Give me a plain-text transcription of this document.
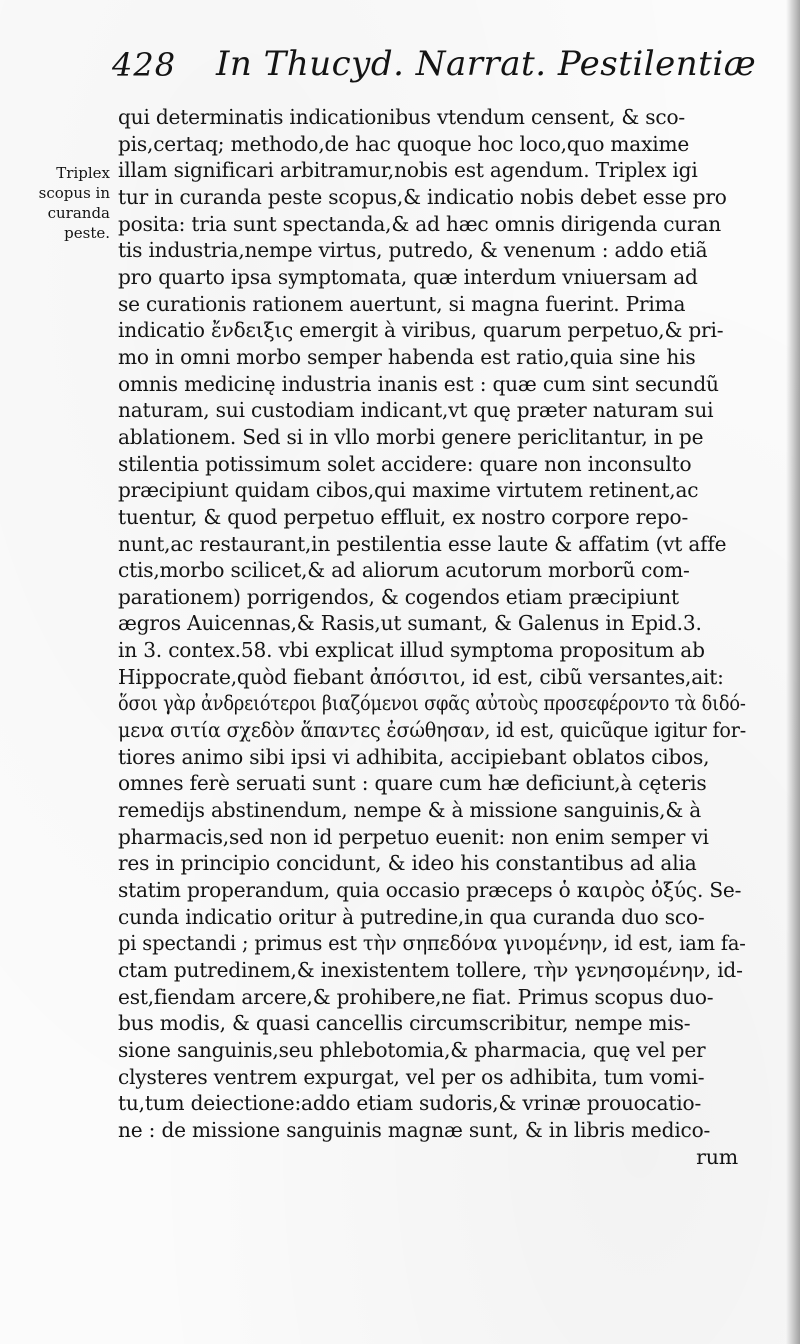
428 In Thucyd. Narrat. Pestilentiæ
Triplex
scopus in
curanda
peste.
qui determinatis indicationibus vtendum censent, & sco-
pis,certaq; methodo,de hac quoque hoc loco,quo maxime
illam significari arbitramur,nobis est agendum. Triplex igi
tur in curanda peste scopus,& indicatio nobis debet esse pro
posita: tria sunt spectanda,& ad hæc omnis dirigenda curan
tis industria,nempe virtus, putredo, & venenum : addo etiã
pro quarto ipsa symptomata, quæ interdum vniuersam ad
se curationis rationem auertunt, si magna fuerint. Prima
indicatio ἔνδειξις emergit à viribus, quarum perpetuo,& pri-
mo in omni morbo semper habenda est ratio,quia sine his
omnis medicinę industria inanis est : quæ cum sint secundũ
naturam, sui custodiam indicant,vt quę præter naturam sui
ablationem. Sed si in vllo morbi genere periclitantur, in pe
stilentia potissimum solet accidere: quare non inconsulto
præcipiunt quidam cibos,qui maxime virtutem retinent,ac
tuentur, & quod perpetuo effluit, ex nostro corpore repo-
nunt,ac restaurant,in pestilentia esse laute & affatim (vt affe
ctis,morbo scilicet,& ad aliorum acutorum morborũ com-
parationem) porrigendos, & cogendos etiam præcipiunt
ægros Auicennas,& Rasis,ut sumant, & Galenus in Epid.3.
in 3. contex.58. vbi explicat illud symptoma propositum ab
Hippocrate,quòd fiebant ἀπόσιτοι, id est, cibũ versantes,ait:
ὅσοι γὰρ ἀνδρειότεροι βιαζόμενοι σφᾶς αὐτοὺς προσεφέροντο τὰ διδό-
μενα σιτία σχεδὸν ἅπαντες ἐσώθησαν, id est, quicũque igitur for-
tiores animo sibi ipsi vi adhibita, accipiebant oblatos cibos,
omnes ferè seruati sunt : quare cum hæ deficiunt,à cęteris
remedijs abstinendum, nempe & à missione sanguinis,& à
pharmacis,sed non id perpetuo euenit: non enim semper vi
res in principio concidunt, & ideo his constantibus ad alia
statim properandum, quia occasio præceps ὁ καιρὸς ὀξύς. Se-
cunda indicatio oritur à putredine,in qua curanda duo sco-
pi spectandi ; primus est τὴν σηπεδόνα γινομένην, id est, iam fa-
ctam putredinem,& inexistentem tollere, τὴν γενησομένην, id-
est,fiendam arcere,& prohibere,ne fiat. Primus scopus duo-
bus modis, & quasi cancellis circumscribitur, nempe mis-
sione sanguinis,seu phlebotomia,& pharmacia, quę vel per
clysteres ventrem expurgat, vel per os adhibita, tum vomi-
tu,tum deiectione:addo etiam sudoris,& vrinæ prouocatio-
ne : de missione sanguinis magnæ sunt, & in libris medico-
rum
